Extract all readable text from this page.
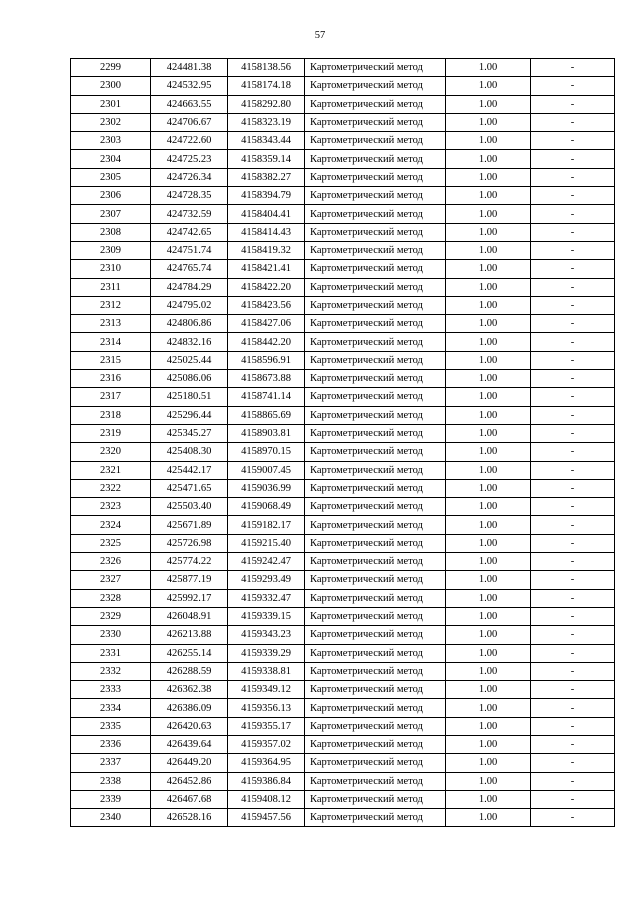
57
2299	424481.38	4158138.56	Картометрический метод	1.00	-
2300	424532.95	4158174.18	Картометрический метод	1.00	-
2301	424663.55	4158292.80	Картометрический метод	1.00	-
2302	424706.67	4158323.19	Картометрический метод	1.00	-
2303	424722.60	4158343.44	Картометрический метод	1.00	-
2304	424725.23	4158359.14	Картометрический метод	1.00	-
2305	424726.34	4158382.27	Картометрический метод	1.00	-
2306	424728.35	4158394.79	Картометрический метод	1.00	-
2307	424732.59	4158404.41	Картометрический метод	1.00	-
2308	424742.65	4158414.43	Картометрический метод	1.00	-
2309	424751.74	4158419.32	Картометрический метод	1.00	-
2310	424765.74	4158421.41	Картометрический метод	1.00	-
2311	424784.29	4158422.20	Картометрический метод	1.00	-
2312	424795.02	4158423.56	Картометрический метод	1.00	-
2313	424806.86	4158427.06	Картометрический метод	1.00	-
2314	424832.16	4158442.20	Картометрический метод	1.00	-
2315	425025.44	4158596.91	Картометрический метод	1.00	-
2316	425086.06	4158673.88	Картометрический метод	1.00	-
2317	425180.51	4158741.14	Картометрический метод	1.00	-
2318	425296.44	4158865.69	Картометрический метод	1.00	-
2319	425345.27	4158903.81	Картометрический метод	1.00	-
2320	425408.30	4158970.15	Картометрический метод	1.00	-
2321	425442.17	4159007.45	Картометрический метод	1.00	-
2322	425471.65	4159036.99	Картометрический метод	1.00	-
2323	425503.40	4159068.49	Картометрический метод	1.00	-
2324	425671.89	4159182.17	Картометрический метод	1.00	-
2325	425726.98	4159215.40	Картометрический метод	1.00	-
2326	425774.22	4159242.47	Картометрический метод	1.00	-
2327	425877.19	4159293.49	Картометрический метод	1.00	-
2328	425992.17	4159332.47	Картометрический метод	1.00	-
2329	426048.91	4159339.15	Картометрический метод	1.00	-
2330	426213.88	4159343.23	Картометрический метод	1.00	-
2331	426255.14	4159339.29	Картометрический метод	1.00	-
2332	426288.59	4159338.81	Картометрический метод	1.00	-
2333	426362.38	4159349.12	Картометрический метод	1.00	-
2334	426386.09	4159356.13	Картометрический метод	1.00	-
2335	426420.63	4159355.17	Картометрический метод	1.00	-
2336	426439.64	4159357.02	Картометрический метод	1.00	-
2337	426449.20	4159364.95	Картометрический метод	1.00	-
2338	426452.86	4159386.84	Картометрический метод	1.00	-
2339	426467.68	4159408.12	Картометрический метод	1.00	-
2340	426528.16	4159457.56	Картометрический метод	1.00	-
